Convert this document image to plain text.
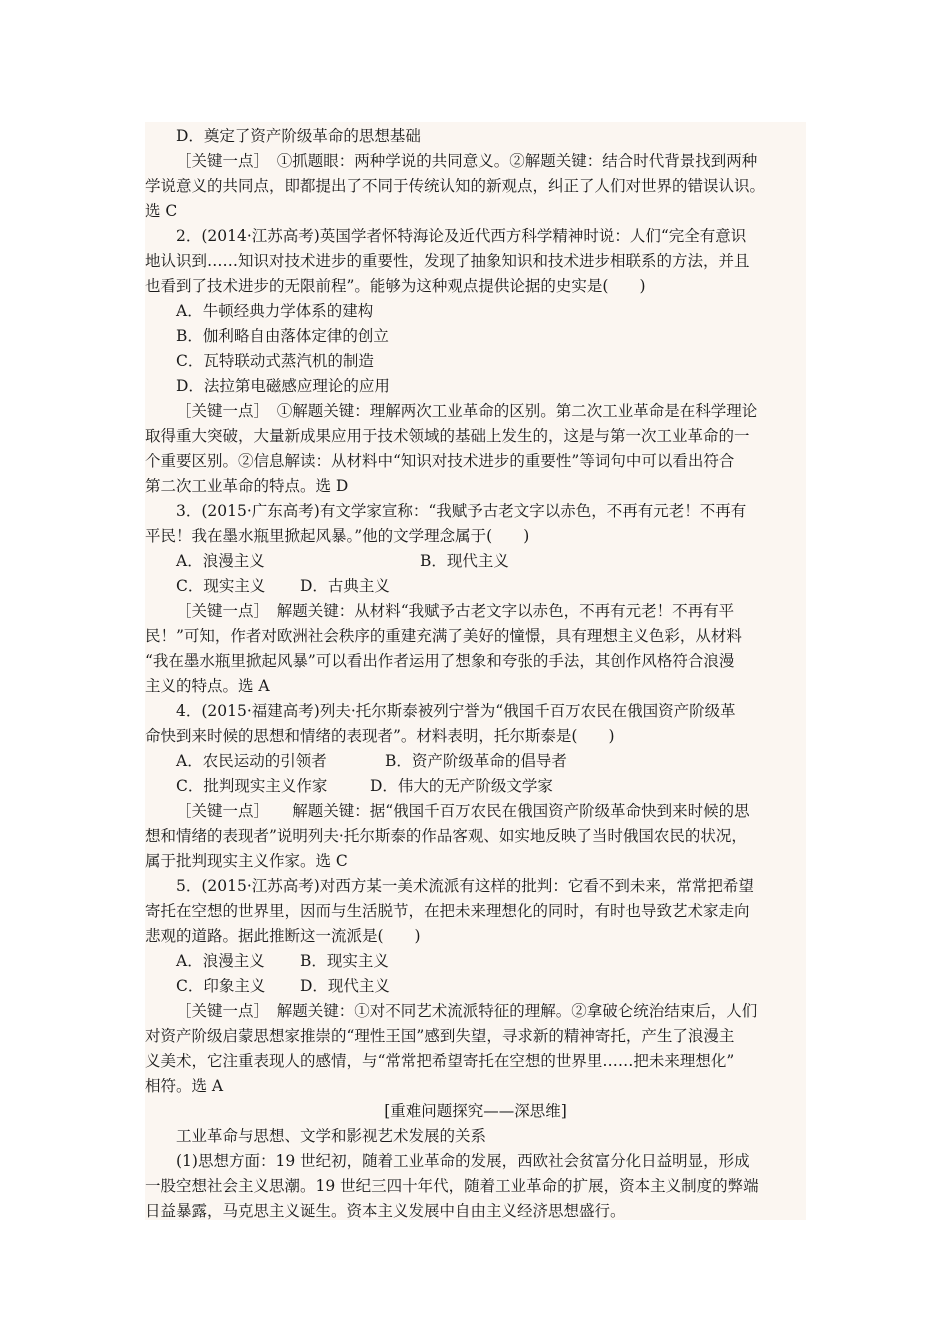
D．奠定了资产阶级革命的思想基础
［关键一点］　①抓题眼：两种学说的共同意义。②解题关键：结合时代背景找到两种
学说意义的共同点，即都提出了不同于传统认知的新观点，纠正了人们对世界的错误认识。
选 C
2．(2014·江苏高考)英国学者怀特海论及近代西方科学精神时说：人们“完全有意识
地认识到……知识对技术进步的重要性，发现了抽象知识和技术进步相联系的方法，并且
也看到了技术进步的无限前程”。能够为这种观点提供论据的史实是(　　)
A．牛顿经典力学体系的建构
B．伽利略自由落体定律的创立
C．瓦特联动式蒸汽机的制造
D．法拉第电磁感应理论的应用
［关键一点］　①解题关键：理解两次工业革命的区别。第二次工业革命是在科学理论
取得重大突破，大量新成果应用于技术领域的基础上发生的，这是与第一次工业革命的一
个重要区别。②信息解读：从材料中“知识对技术进步的重要性”等词句中可以看出符合
第二次工业革命的特点。选 D
3．(2015·广东高考)有文学家宣称：“我赋予古老文字以赤色，不再有元老！不再有
平民！我在墨水瓶里掀起风暴。”他的文学理念属于(　　)
A．浪漫主义	B．现代主义
C．现实主义 D．古典主义
［关键一点］　解题关键：从材料“我赋予古老文字以赤色，不再有元老！不再有平
民！”可知，作者对欧洲社会秩序的重建充满了美好的憧憬，具有理想主义色彩，从材料
“我在墨水瓶里掀起风暴”可以看出作者运用了想象和夸张的手法，其创作风格符合浪漫
主义的特点。选 A
4．(2015·福建高考)列夫·托尔斯泰被列宁誉为“俄国千百万农民在俄国资产阶级革
命快到来时候的思想和情绪的表现者”。材料表明，托尔斯泰是(　　)
A．农民运动的引领者	B．资产阶级革命的倡导者
C．批判现实主义作家	D．伟大的无产阶级文学家
［关键一点］　　解题关键：据“俄国千百万农民在俄国资产阶级革命快到来时候的思
想和情绪的表现者”说明列夫·托尔斯泰的作品客观、如实地反映了当时俄国农民的状况，
属于批判现实主义作家。选 C
5．(2015·江苏高考)对西方某一美术流派有这样的批判：它看不到未来，常常把希望
寄托在空想的世界里，因而与生活脱节，在把未来理想化的同时，有时也导致艺术家走向
悲观的道路。据此推断这一流派是(　　)
A．浪漫主义 B．现实主义
C．印象主义 D．现代主义
［关键一点］　解题关键：①对不同艺术流派特征的理解。②拿破仑统治结束后，人们
对资产阶级启蒙思想家推崇的“理性王国”感到失望，寻求新的精神寄托，产生了浪漫主
义美术，它注重表现人的感情，与“常常把希望寄托在空想的世界里……把未来理想化”
相符。选 A
[重难问题探究——深思维]
工业革命与思想、文学和影视艺术发展的关系
(1)思想方面：19 世纪初，随着工业革命的发展，西欧社会贫富分化日益明显，形成
一股空想社会主义思潮。19 世纪三四十年代，随着工业革命的扩展，资本主义制度的弊端
日益暴露，马克思主义诞生。资本主义发展中自由主义经济思想盛行。
